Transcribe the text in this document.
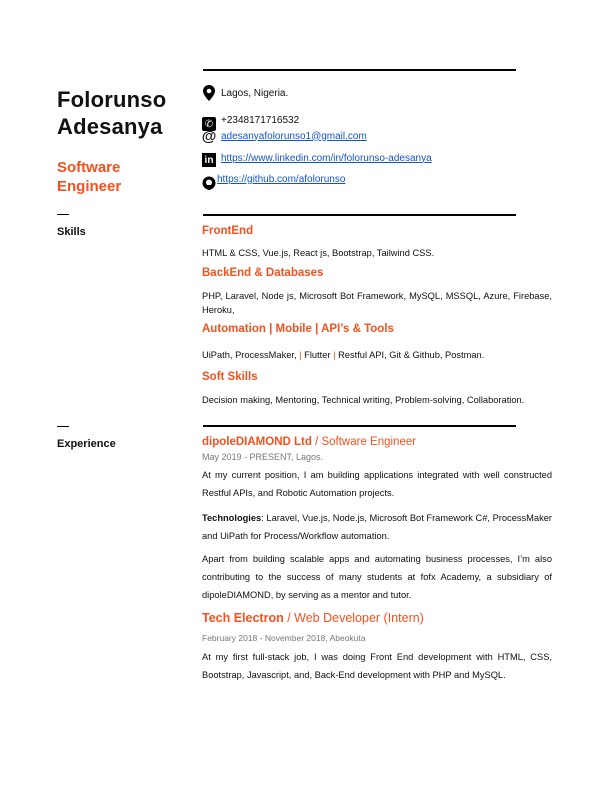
Folorunso
Adesanya
Software
Engineer
Lagos, Nigeria.
✆ +2348171716532
@ adesanyafolorunso1@gmail.com
in https://www.linkedin.com/in/folorunso-adesanya
https://github.com/afolorunso
Skills	FrontEnd
HTML & CSS, Vue.js, React js, Bootstrap, Tailwind CSS.
BackEnd & Databases
PHP, Laravel, Node js, Microsoft Bot Framework, MySQL, MSSQL, Azure, Firebase, Heroku,
Automation | Mobile | API’s & Tools
UiPath, ProcessMaker, | Flutter | Restful API, Git & Github, Postman.
Soft Skills
Decision making, Mentoring, Technical writing, Problem-solving, Collaboration.
Experience	dipoleDIAMOND Ltd / Software Engineer
May 2019 - PRESENT, Lagos.
At my current position, I am building applications integrated with well constructed Restful APIs, and Robotic Automation projects.
Technologies: Laravel, Vue.js, Node.js, Microsoft Bot Framework C#, ProcessMaker and UiPath for Process/Workflow automation.
Apart from building scalable apps and automating business processes, I’m also contributing to the success of many students at fofx Academy, a subsidiary of dipoleDIAMOND, by serving as a mentor and tutor.
Tech Electron / Web Developer (Intern)
February 2018 - November 2018, Abeokuta
At my first full-stack job, I was doing Front End development with HTML, CSS, Bootstrap, Javascript, and, Back-End development with PHP and MySQL.
